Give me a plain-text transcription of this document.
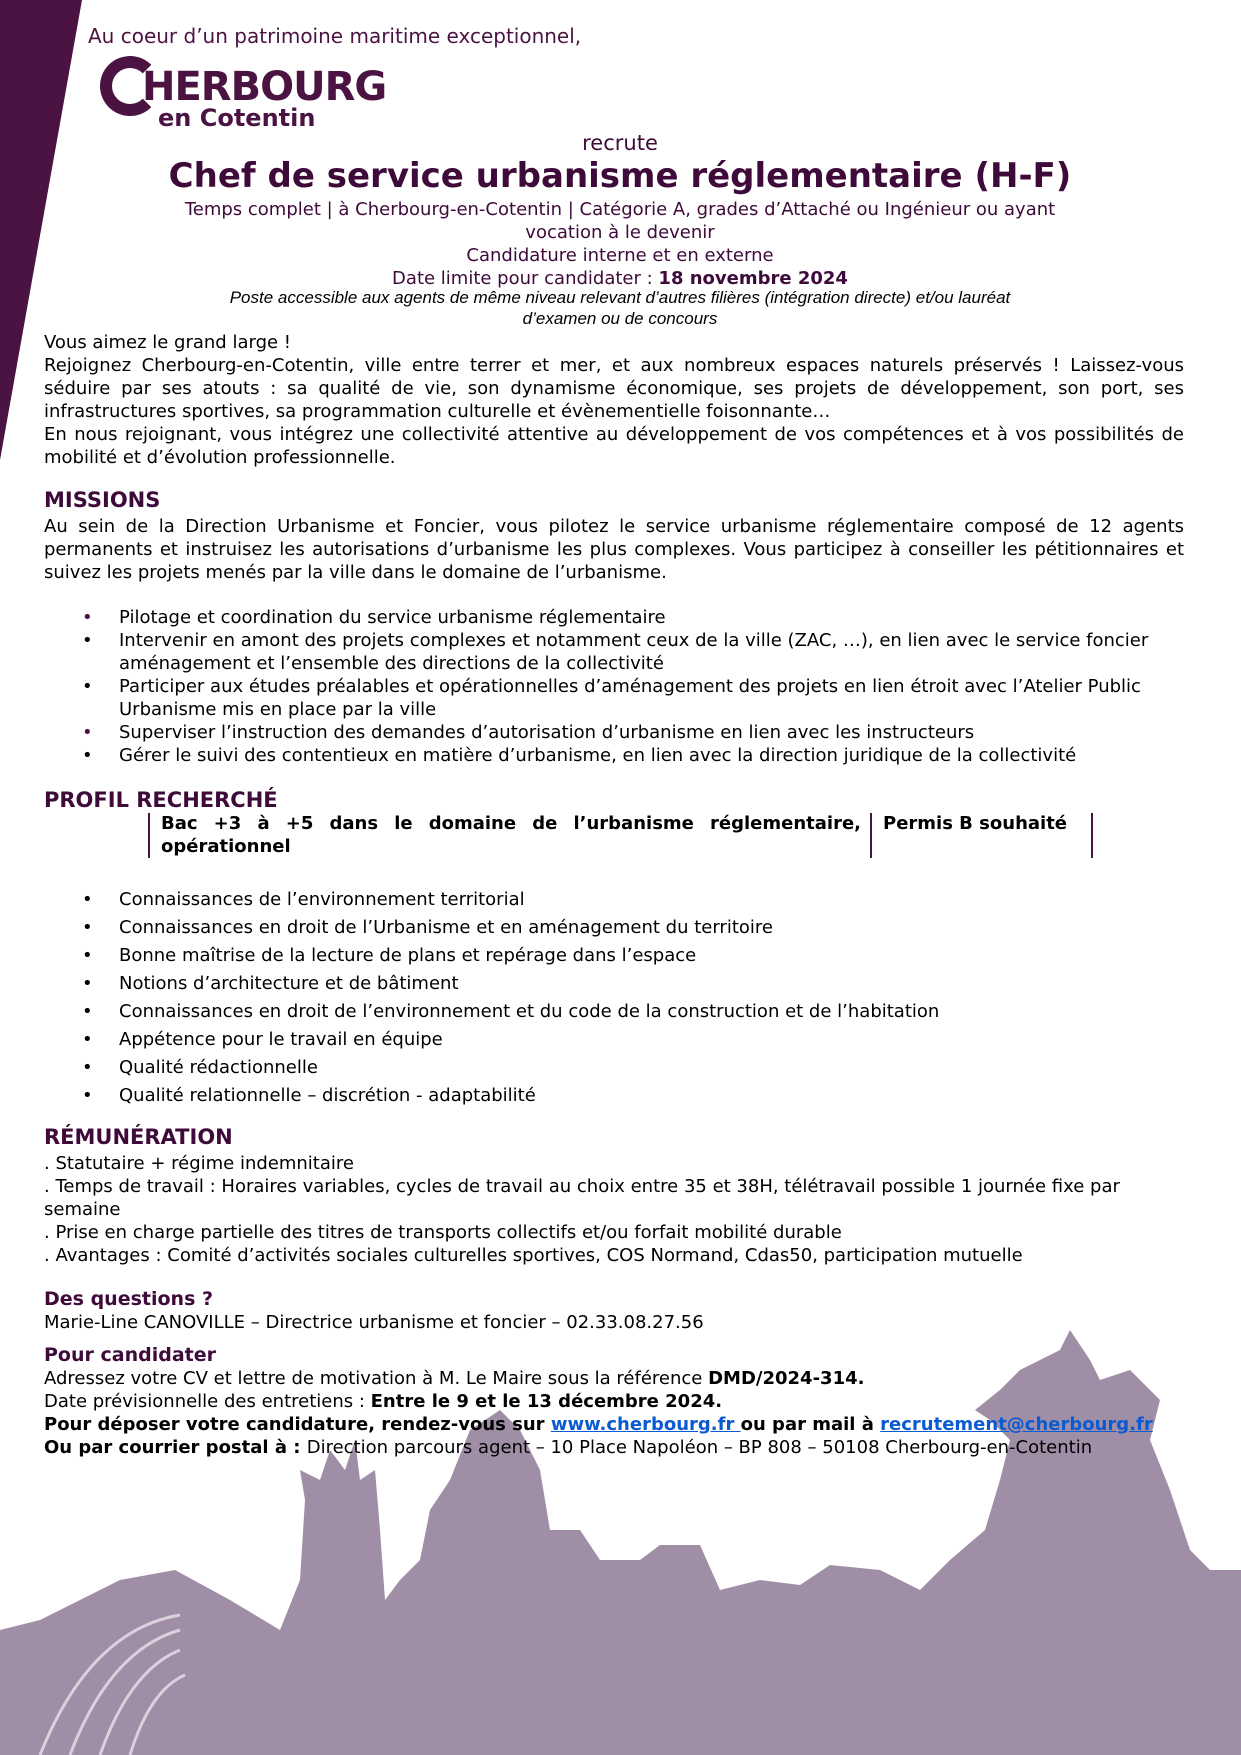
Au coeur d’un patrimoine maritime exceptionnel,
HERBOURG
en Cotentin
recrute
Chef de service urbanisme réglementaire (H-F)
Temps complet | à Cherbourg-en-Cotentin | Catégorie A, grades d’Attaché ou Ingénieur ou ayant
vocation à le devenir
Candidature interne et en externe
Date limite pour candidater : 18 novembre 2024
Poste accessible aux agents de même niveau relevant d’autres filières (intégration directe) et/ou lauréat
d’examen ou de concours
Vous aimez le grand large !
Rejoignez Cherbourg-en-Cotentin, ville entre terrer et mer, et aux nombreux espaces naturels préservés ! Laissez-vous séduire par ses atouts : sa qualité de vie, son dynamisme économique, ses projets de développement, son port, ses infrastructures sportives, sa programmation culturelle et évènementielle foisonnante…
En nous rejoignant, vous intégrez une collectivité attentive au développement de vos compétences et à vos possibilités de mobilité et d’évolution professionnelle.
MISSIONS
Au sein de la Direction Urbanisme et Foncier, vous pilotez le service urbanisme réglementaire composé de 12 agents permanents et instruisez les autorisations d’urbanisme les plus complexes. Vous participez à conseiller les pétitionnaires et suivez les projets menés par la ville dans le domaine de l’urbanisme.
• Pilotage et coordination du service urbanisme réglementaire
• Intervenir en amont des projets complexes et notamment ceux de la ville (ZAC, …), en lien avec le service foncier aménagement et l’ensemble des directions de la collectivité
• Participer aux études préalables et opérationnelles d’aménagement des projets en lien étroit avec l’Atelier Public Urbanisme mis en place par la ville
• Superviser l’instruction des demandes d’autorisation d’urbanisme en lien avec les instructeurs
• Gérer le suivi des contentieux en matière d’urbanisme, en lien avec la direction juridique de la collectivité
PROFIL RECHERCHÉ
Bac +3 à +5 dans le domaine de l’urbanisme réglementaire, opérationnel
Permis B souhaité
• Connaissances de l’environnement territorial
• Connaissances en droit de l’Urbanisme et en aménagement du territoire
• Bonne maîtrise de la lecture de plans et repérage dans l’espace
• Notions d’architecture et de bâtiment
• Connaissances en droit de l’environnement et du code de la construction et de l’habitation
• Appétence pour le travail en équipe
• Qualité rédactionnelle
• Qualité relationnelle – discrétion - adaptabilité
RÉMUNÉRATION
. Statutaire + régime indemnitaire
. Temps de travail : Horaires variables, cycles de travail au choix entre 35 et 38H, télétravail possible 1 journée fixe par semaine
. Prise en charge partielle des titres de transports collectifs et/ou forfait mobilité durable
. Avantages : Comité d’activités sociales culturelles sportives, COS Normand, Cdas50, participation mutuelle
Des questions ?
Marie-Line CANOVILLE – Directrice urbanisme et foncier – 02.33.08.27.56
Pour candidater
Adressez votre CV et lettre de motivation à M. Le Maire sous la référence DMD/2024-314.
Date prévisionnelle des entretiens : Entre le 9 et le 13 décembre 2024.
Pour déposer votre candidature, rendez-vous sur www.cherbourg.fr ou par mail à recrutement@cherbourg.fr
Ou par courrier postal à : Direction parcours agent – 10 Place Napoléon – BP 808 – 50108 Cherbourg-en-Cotentin
